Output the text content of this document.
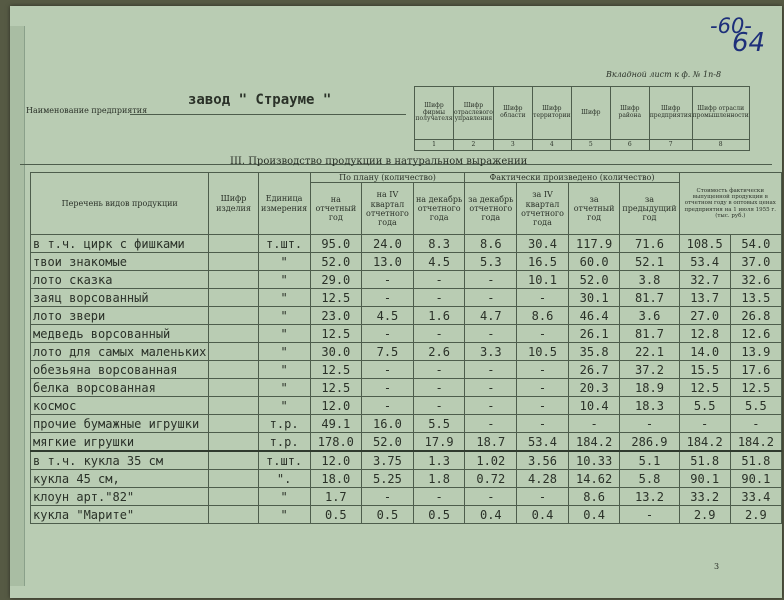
-60-
64
Вкладной лист к ф. № 1п-8
Наименование предприятия
завод " Страуме "	Шифр фирмы получателя	Шифр отраслевого управления	Шифр области	Шифр территории	Шифр	Шифр района	Шифр предприятия	Шифр отрасли промышленности
1	2	3	4	5	6	7	8
III. Производство продукции в натуральном выражении
Перечень видов продукции	Шифр изделия	Единица измерения	По плану (количество)			Фактически произведено (количество)				Стоимость фактически выпущенной продукции в отчетном году в оптовых ценах предприятия на 1 июля 1955 г. (тыс. руб.)	
			на отчетный год	на IV квартал отчетного года	на декабрь отчетного года	за декабрь отчетного года	за IV квартал отчетного года	за отчетный год	за предыдущий год		
в т.ч. цирк с фишками		т.шт.	95.0	24.0	8.3	8.6	30.4	117.9	71.6	108.5	54.0
твои знакомые		"	52.0	13.0	4.5	5.3	16.5	60.0	52.1	53.4	37.0
лото сказка		"	29.0	-	-	-	10.1	52.0	3.8	32.7	32.6
заяц ворсованный		"	12.5	-	-	-	-	30.1	81.7	13.7	13.5
лото звери		"	23.0	4.5	1.6	4.7	8.6	46.4	3.6	27.0	26.8
медведь ворсованный		"	12.5	-	-	-	-	26.1	81.7	12.8	12.6
лото для самых маленьких		"	30.0	7.5	2.6	3.3	10.5	35.8	22.1	14.0	13.9
обезьяна ворсованная		"	12.5	-	-	-	-	26.7	37.2	15.5	17.6
белка ворсованная		"	12.5	-	-	-	-	20.3	18.9	12.5	12.5
космос		"	12.0	-	-	-	-	10.4	18.3	5.5	5.5
прочие бумажные игрушки		т.р.	49.1	16.0	5.5	-	-	-	-	-	-
мягкие игрушки		т.р.	178.0	52.0	17.9	18.7	53.4	184.2	286.9	184.2	184.2
в т.ч. кукла 35 см		т.шт.	12.0	3.75	1.3	1.02	3.56	10.33	5.1	51.8	51.8
кукла 45 см,		".	18.0	5.25	1.8	0.72	4.28	14.62	5.8	90.1	90.1
клоун арт."82"		"	1.7	-	-	-	-	8.6	13.2	33.2	33.4
кукла "Марите"		"	0.5	0.5	0.5	0.4	0.4	0.4	-	2.9	2.9
3
